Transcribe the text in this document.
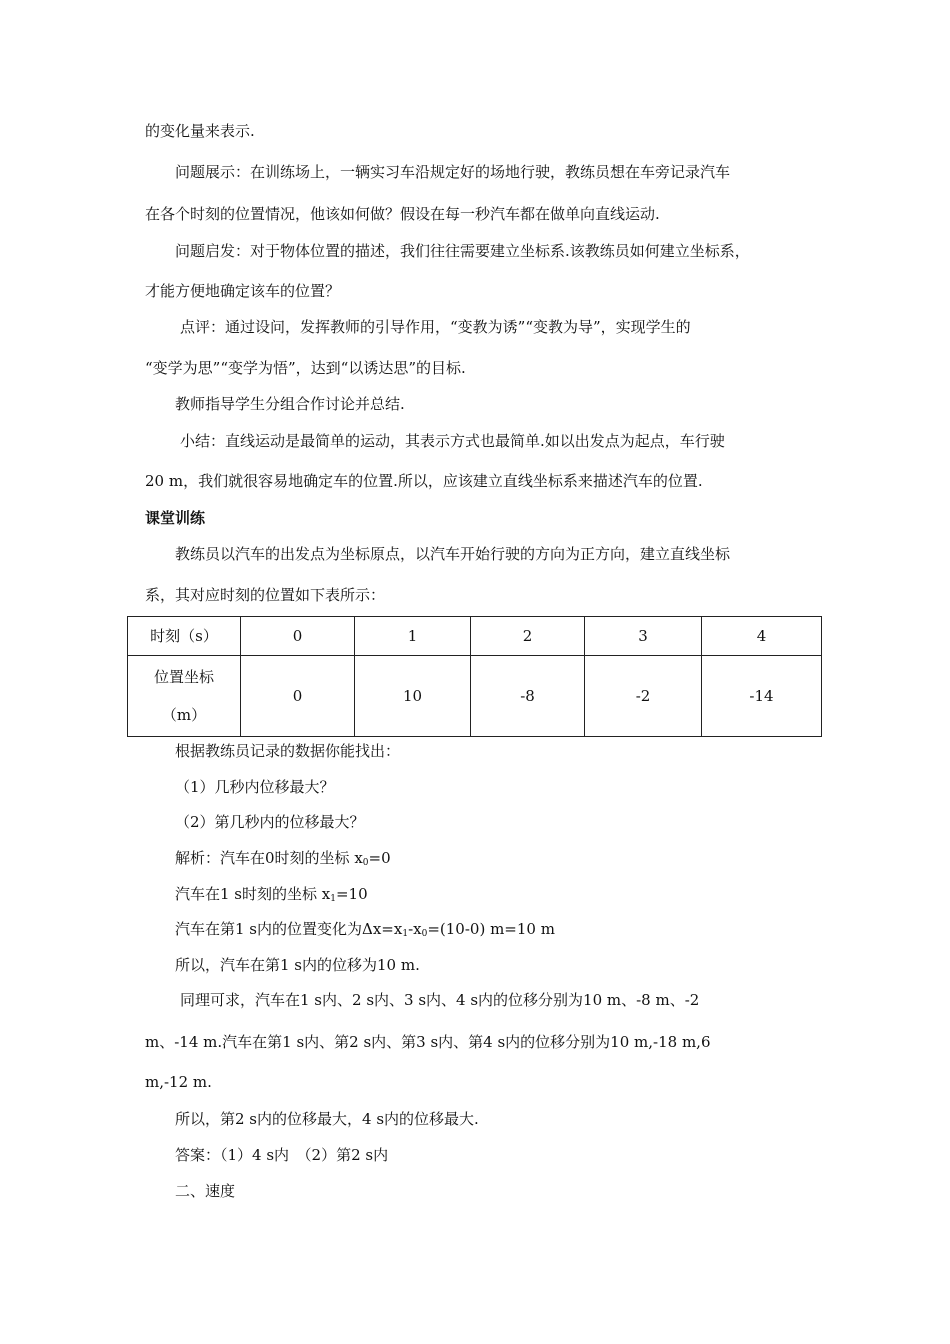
的变化量来表示.
问题展示：在训练场上，一辆实习车沿规定好的场地行驶，教练员想在车旁记录汽车
在各个时刻的位置情况，他该如何做？假设在每一秒汽车都在做单向直线运动.
问题启发：对于物体位置的描述，我们往往需要建立坐标系.该教练员如何建立坐标系，
才能方便地确定该车的位置？
点评：通过设问，发挥教师的引导作用，“变教为诱”“变教为导”，实现学生的
“变学为思”“变学为悟”，达到“以诱达思”的目标.
教师指导学生分组合作讨论并总结.
小结：直线运动是最简单的运动，其表示方式也最简单.如以出发点为起点，车行驶
20 m，我们就很容易地确定车的位置.所以，应该建立直线坐标系来描述汽车的位置.
课堂训练
教练员以汽车的出发点为坐标原点，以汽车开始行驶的方向为正方向，建立直线坐标
系，其对应时刻的位置如下表所示：
时刻（s）	0	1	2	3	4

位置坐标
（m）	0	10	-8	-2	-14
根据教练员记录的数据你能找出：
（1）几秒内位移最大？
（2）第几秒内的位移最大？
解析：汽车在0时刻的坐标 $x_0=0$
汽车在1 s时刻的坐标 $x_1=10$
汽车在第1 s内的位置变化为$\Delta x=x_1-x_0=(10-0)$ m=10 m
所以，汽车在第1 s内的位移为10 m.
同理可求，汽车在1 s内、2 s内、3 s内、4 s内的位移分别为10 m、-8 m、-2
m、-14 m.汽车在第1 s内、第2 s内、第3 s内、第4 s内的位移分别为10 m,-18 m,6
m,-12 m.
所以，第2 s内的位移最大，4 s内的位移最大.
答案：（1）4 s内　（2）第2 s内
二、速度
